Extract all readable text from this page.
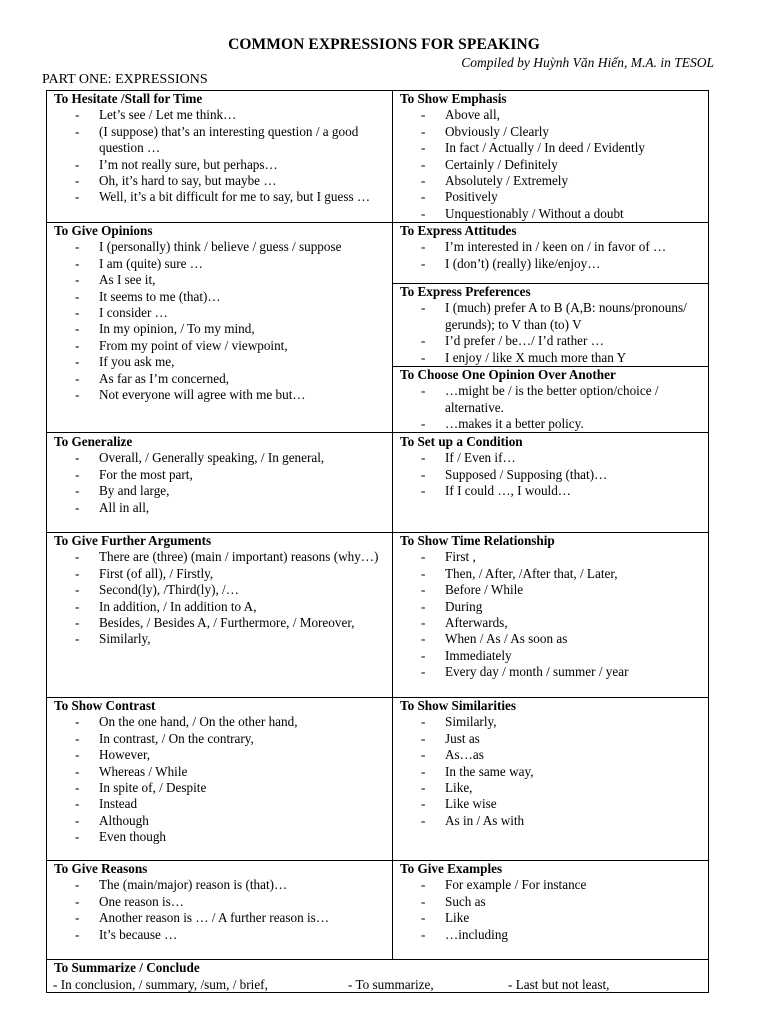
COMMON EXPRESSIONS FOR SPEAKING
Compiled by Huỳnh Văn Hiến, M.A. in TESOL
PART ONE: EXPRESSIONS
To Hesitate /Stall for Time
- Let’s see / Let me think…
- (I suppose) that’s an interesting question / a good question …
- I’m not really sure, but perhaps…
- Oh, it’s hard to say, but maybe …
- Well, it’s a bit difficult for me to say, but I guess …
To Show Emphasis
- Above all,
- Obviously / Clearly
- In fact / Actually / In deed / Evidently
- Certainly / Definitely
- Absolutely / Extremely
- Positively
- Unquestionably / Without a doubt
To Give Opinions
- I (personally) think / believe / guess / suppose
- I am (quite) sure …
- As I see it,
- It seems to me (that)…
- I consider …
- In my opinion, / To my mind,
- From my point of view / viewpoint,
- If you ask me,
- As far as I’m concerned,
- Not everyone will agree with me but…
To Express Attitudes
- I’m interested in / keen on / in favor of …
- I (don’t) (really) like/enjoy…
To Express Preferences
- I (much) prefer A to B (A,B: nouns/pronouns/ gerunds); to V than (to) V
- I’d prefer / be…/ I’d rather …
- I enjoy / like X much more than Y
To Choose One Opinion Over Another
- …might be / is the better option/choice / alternative.
- …makes it a better policy.
To Generalize
- Overall, / Generally speaking, / In general,
- For the most part,
- By and large,
- All in all,
To Set up a Condition
- If / Even if…
- Supposed / Supposing (that)…
- If I could …, I would…
To Give Further Arguments
- There are (three) (main / important) reasons (why…)
- First (of all), / Firstly,
- Second(ly), /Third(ly), /…
- In addition, / In addition to A,
- Besides, / Besides A, / Furthermore, / Moreover,
- Similarly,
To Show Time Relationship
- First ,
- Then, / After, /After that, / Later,
- Before / While
- During
- Afterwards,
- When / As / As soon as
- Immediately
- Every day / month / summer / year
To Show Contrast
- On the one hand, / On the other hand,
- In contrast, / On the contrary,
- However,
- Whereas / While
- In spite of, / Despite
- Instead
- Although
- Even though
To Show Similarities
- Similarly,
- Just as
- As…as
- In the same way,
- Like,
- Like wise
- As in / As with
To Give Reasons
- The (main/major) reason is (that)…
- One reason is…
- Another reason is … / A further reason is…
- It’s because …
To Give Examples
- For example / For instance
- Such as
- Like
- …including
To Summarize / Conclude
- In conclusion, / summary, /sum, / brief,	- To summarize,	- Last but not least,
